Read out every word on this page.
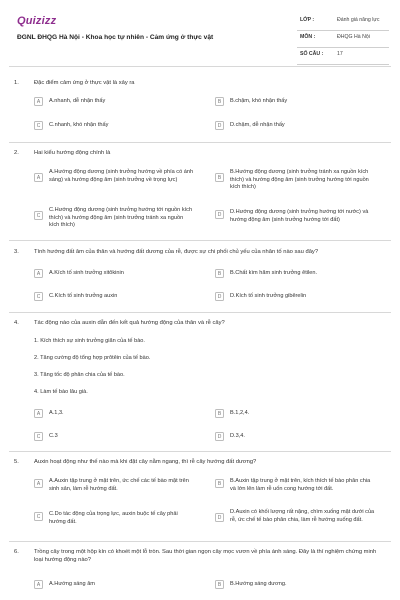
Quizizz
ĐGNL ĐHQG Hà Nội - Khoa học tự nhiên - Cảm ứng ở thực vật
LỚP :	Đánh giá năng lực
MÔN :	ĐHQG Hà Nội
SỐ CÂU :	17
1.	Đặc điểm cảm ứng ở thực vật là xảy ra
A	A.nhanh, dễ nhận thấy	B	B.chậm, khó nhận thấy
C	C.nhanh, khó nhận thấy	D	D.chậm, dễ nhận thấy
2.	Hai kiểu hướng động chính là
A
A.Hướng động dương (sinh trưởng hướng về phía có ánh sáng) và hướng động âm (sinh trưởng về trọng lực)	B
B.Hướng động dương (sinh trưởng tránh xa nguồn kích thích) và hướng động âm (sinh trưởng hướng tới nguồn kích thích)
C
C.Hướng động dương (sinh trưởng hướng tới nguồn kích thích) và hướng động âm (sinh trưởng tránh xa nguồn kích thích)
D	D.Hướng động dương (sinh trưởng hướng tới nước) và hướng động âm (sinh trưởng hướng tới đất)
3.	Tính hướng đất âm của thân và hướng đất dương của rễ, được sự chi phối chủ yếu của nhân tố nào sau đây?
A	A.Kích tố sinh trưởng xitôkinin	B	B.Chất kìm hãm sinh trưởng êtilen.
C	C.Kích tố sinh trưởng auxin	D	D.Kích tố sinh trưởng gibêrelin
4.	Tác động nào của auxin dẫn đến kết quả hướng động của thân và rễ cây?
1. Kích thích sự sinh trưởng giãn của tế bào.
2. Tăng cường độ tổng hợp prôtêin của tế bào.
3. Tăng tốc độ phân chia của tế bào.
4. Làm tế bào lâu già.
A	A.1,3.	B	B.1,2,4.
C	C.3	D	D.3,4.
5.	Auxin hoạt động như thế nào mà khi đặt cây nằm ngang, thì rễ cây hướng đất dương?
A	A.Auxin tập trung ở mặt trên, ức chế các tế bào mặt trên sinh sản, làm rễ hướng đất.
B	B.Auxin tập trung ở mặt trên, kích thích tế bào phân chia và lớn lên làm rễ uốn cong hướng tới đất.
C	C.Do tác động của trọng lực, auxin buộc tế cây phải hướng đất.
D
D.Auxin có khối lượng rất nặng, chìm xuống mặt dưới của rễ, ức chế tế bào phân chia, làm rễ hướng xuống đất.
6.	Trồng cây trong một hộp kín có khoét một lỗ tròn. Sau thời gian ngọn cây mọc vươn về phía ánh sáng. Đây là thí nghiệm chứng minh loại hướng động nào?
A	A.Hướng sáng âm	B	B.Hướng sáng dương.
